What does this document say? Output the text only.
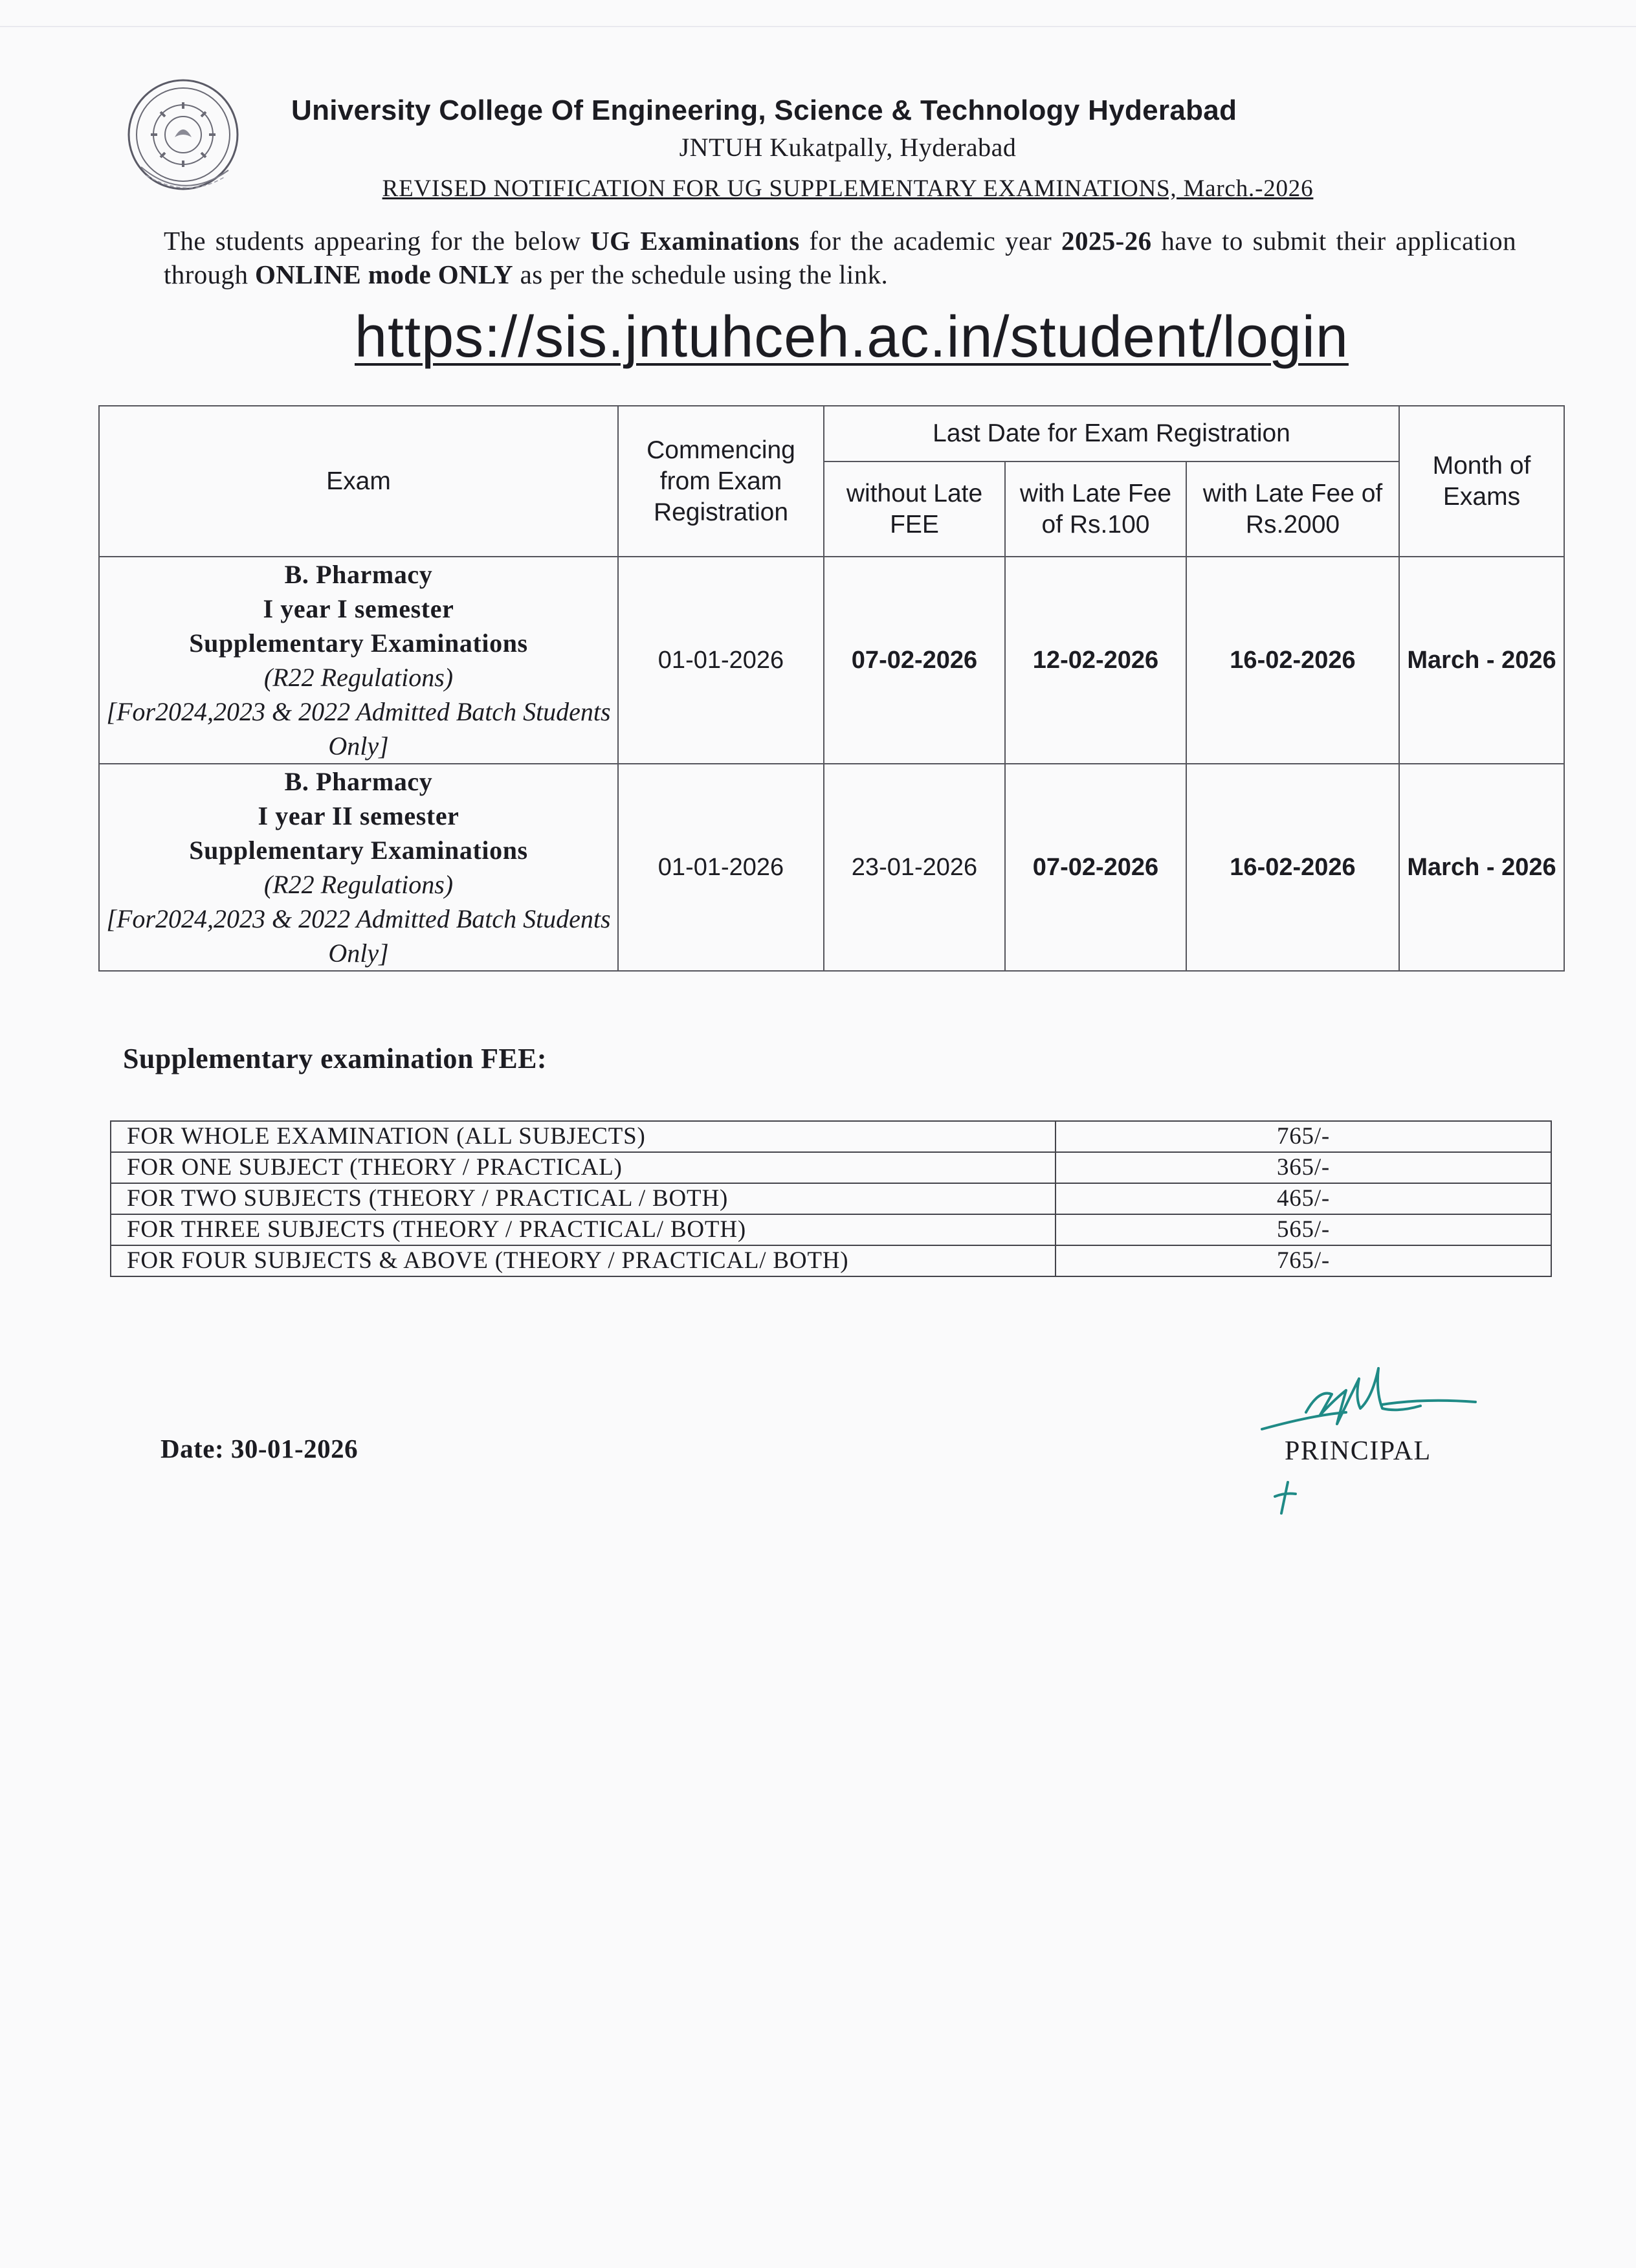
University College Of Engineering, Science & Technology Hyderabad
JNTUH Kukatpally, Hyderabad
REVISED NOTIFICATION FOR UG SUPPLEMENTARY EXAMINATIONS, March.-2026
The students appearing for the below UG Examinations for the academic year 2025-26 have to submit their application through ONLINE mode ONLY as per the schedule using the link.
https://sis.jntuhceh.ac.in/student/login
Exam	Commencing from Exam Registration	Last Date for Exam Registration			Month of Exams
		without Late FEE	with Late Fee of Rs.100	with Late Fee of Rs.2000	

B. Pharmacy
I year I semester
Supplementary Examinations
(R22 Regulations)
[For2024,2023 & 2022 Admitted Batch Students Only]	01-01-2026	07-02-2026	12-02-2026	16-02-2026	March - 2026

B. Pharmacy
I year II semester
Supplementary Examinations
(R22 Regulations)
[For2024,2023 & 2022 Admitted Batch Students Only]	01-01-2026	23-01-2026	07-02-2026	16-02-2026	March - 2026
Supplementary examination FEE:
FOR WHOLE EXAMINATION (ALL SUBJECTS)	765/-
FOR ONE SUBJECT (THEORY / PRACTICAL)	365/-
FOR TWO SUBJECTS (THEORY / PRACTICAL / BOTH)	465/-
FOR THREE SUBJECTS (THEORY / PRACTICAL/ BOTH)	565/-
FOR FOUR SUBJECTS & ABOVE (THEORY / PRACTICAL/ BOTH)	765/-
Date: 30-01-2026	PRINCIPAL
